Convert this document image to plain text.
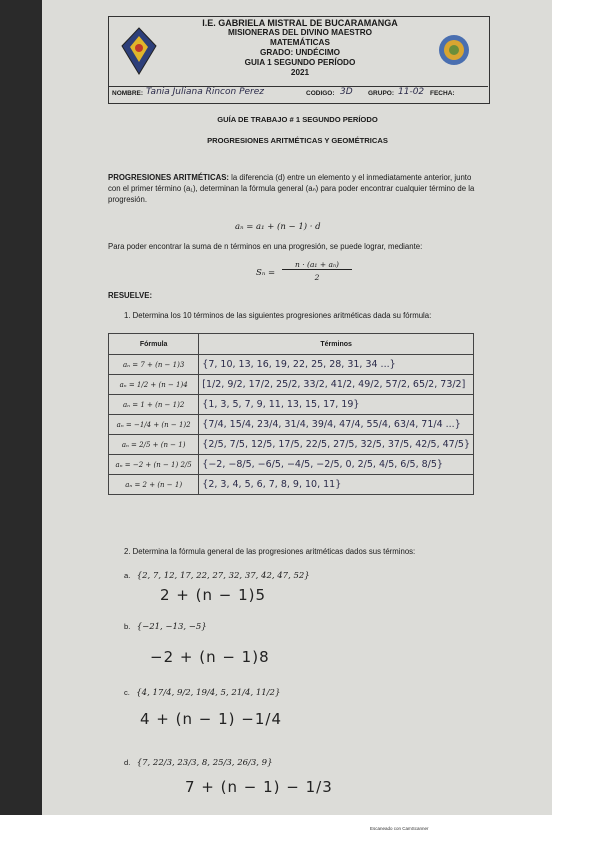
I.E. GABRIELA MISTRAL DE BUCARAMANGA
MISIONERAS DEL DIVINO MAESTRO
MATEMÁTICAS
GRADO: UNDÉCIMO
GUIA 1 SEGUNDO PERÍODO
2021
NOMBRE: Tania Juliana Rincon Perez	CODIGO: 3D GRUPO: 11-02 FECHA:
GUÍA DE TRABAJO # 1 SEGUNDO PERÍODO
PROGRESIONES ARITMÉTICAS Y GEOMÉTRICAS
PROGRESIONES ARITMÉTICAS: la diferencia (d) entre un elemento y el inmediatamente anterior, junto con el primer término (a₁), determinan la fórmula general (aₙ) para poder encontrar cualquier término de la progresión.
aₙ = a₁ + (n − 1) · d
Para poder encontrar la suma de n términos en una progresión, se puede lograr, mediante:
Sₙ =
n · (a₁ + aₙ)
2
RESUELVE:
1. Determina los 10 términos de las siguientes progresiones aritméticas dada su fórmula:
Fórmula	Términos
aₙ = 7 + (n − 1)3	{7, 10, 13, 16, 19, 22, 25, 28, 31, 34 ...}
aₙ = 1/2 + (n − 1)4	[1/2, 9/2, 17/2, 25/2, 33/2, 41/2, 49/2, 57/2, 65/2, 73/2]
aₙ = 1 + (n − 1)2	{1, 3, 5, 7, 9, 11, 13, 15, 17, 19}
aₙ = −1/4 + (n − 1)2	{7/4, 15/4, 23/4, 31/4, 39/4, 47/4, 55/4, 63/4, 71/4 ...}
aₙ = 2/5 + (n − 1)	{2/5, 7/5, 12/5, 17/5, 22/5, 27/5, 32/5, 37/5, 42/5, 47/5}
aₙ = −2 + (n − 1) 2/5	{−2, −8/5, −6/5, −4/5, −2/5, 0, 2/5, 4/5, 6/5, 8/5}
aₙ = 2 + (n − 1)	{2, 3, 4, 5, 6, 7, 8, 9, 10, 11}
2. Determina la fórmula general de las progresiones aritméticas dados sus términos:
a. {2, 7, 12, 17, 22, 27, 32, 37, 42, 47, 52}
2 + (n − 1)5
b. {−21, −13, −5}
−2 + (n − 1)8
c. {4, 17/4, 9/2, 19/4, 5, 21/4, 11/2}
4 + (n − 1) −1/4
d. {7, 22/3, 23/3, 8, 25/3, 26/3, 9}
7 + (n − 1) − 1/3
Escaneado con CamScanner
